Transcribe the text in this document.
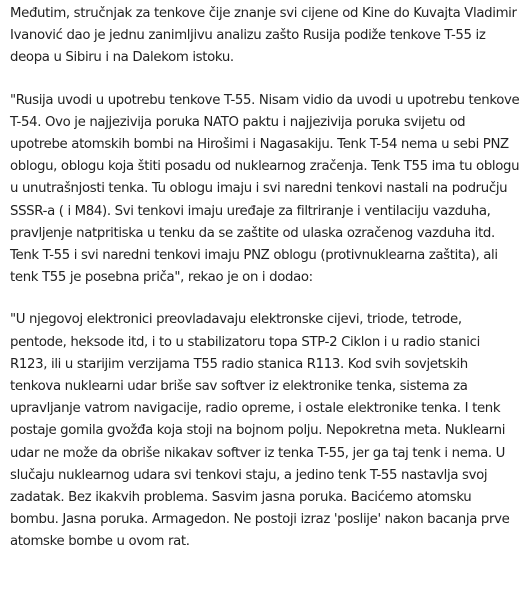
Međutim, stručnjak za tenkove čije znanje svi cijene od Kine do Kuvajta Vladimir Ivanović dao je jednu zanimljivu analizu zašto Rusija podiže tenkove T-55 iz deopa u Sibiru i na Dalekom istoku.

"Rusija uvodi u upotrebu tenkove T-55. Nisam vidio da uvodi u upotrebu tenkove T-54. Ovo je najjezivija poruka NATO paktu i najjezivija poruka svijetu od upotrebe atomskih bombi na Hirošimi i Nagasakiju. Tenk T-54 nema u sebi PNZ oblogu, oblogu koja štiti posadu od nuklearnog zračenja. Tenk T55 ima tu oblogu u unutrašnjosti tenka. Tu oblogu imaju i svi naredni tenkovi nastali na području SSSR-a ( i M84). Svi tenkovi imaju uređaje za filtriranje i ventilaciju vazduha, pravljenje natpritiska u tenku da se zaštite od ulaska ozračenog vazduha itd. Tenk T-55 i svi naredni tenkovi imaju PNZ oblogu (protivnuklearna zaštita), ali tenk T55 je posebna priča", rekao je on i dodao:

"U njegovoj elektronici preovladavaju elektronske cijevi, triode, tetrode, pentode, heksode itd, i to u stabilizatoru topa STP-2 Ciklon i u radio stanici R123, ili u starijim verzijama T55 radio stanica R113. Kod svih sovjetskih tenkova nuklearni udar briše sav softver iz elektronike tenka, sistema za upravljanje vatrom navigacije, radio opreme, i ostale elektronike tenka. I tenk postaje gomila gvožđa koja stoji na bojnom polju. Nepokretna meta. Nuklearni udar ne može da obriše nikakav softver iz tenka T-55, jer ga taj tenk i nema. U slučaju nuklearnog udara svi tenkovi staju, a jedino tenk T-55 nastavlja svoj zadatak. Bez ikakvih problema. Sasvim jasna poruka. Bacićemo atomsku bombu. Jasna poruka. Armagedon. Ne postoji izraz 'poslije' nakon bacanja prve atomske bombe u ovom rat.
